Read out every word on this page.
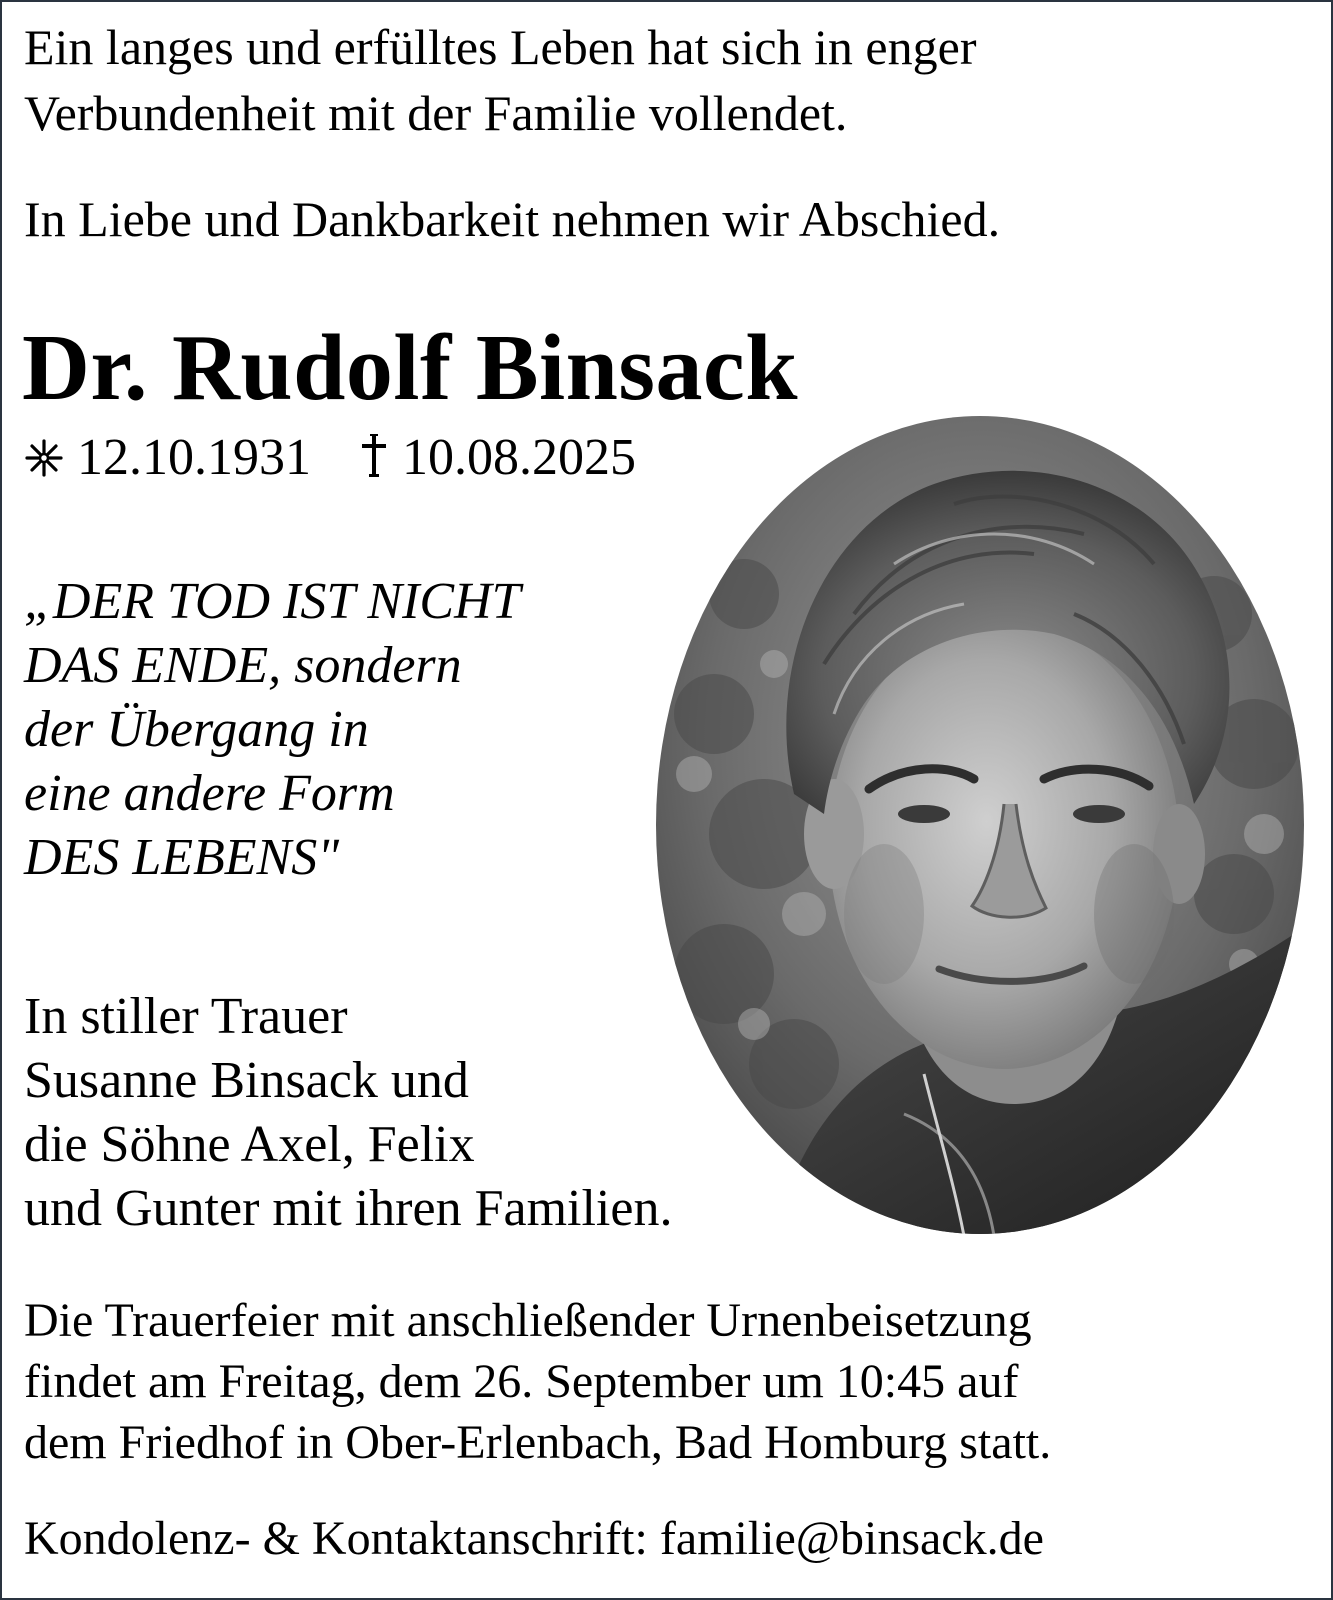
Ein langes und erfülltes Leben hat sich in enger
Verbundenheit mit der Familie vollendet.

In Liebe und Dankbarkeit nehmen wir Abschied.

Dr. Rudolf Binsack

12.10.1931 10.08.2025

„DER TOD IST NICHT
DAS ENDE, sondern
der Übergang in
eine andere Form
DES LEBENS"

In stiller Trauer
Susanne Binsack und
die Söhne Axel, Felix
und Gunter mit ihren Familien.

Die Trauerfeier mit anschließender Urnenbeisetzung
findet am Freitag, dem 26. September um 10:45 auf
dem Friedhof in Ober-Erlenbach, Bad Homburg statt.

Kondolenz- & Kontaktanschrift: familie@binsack.de
